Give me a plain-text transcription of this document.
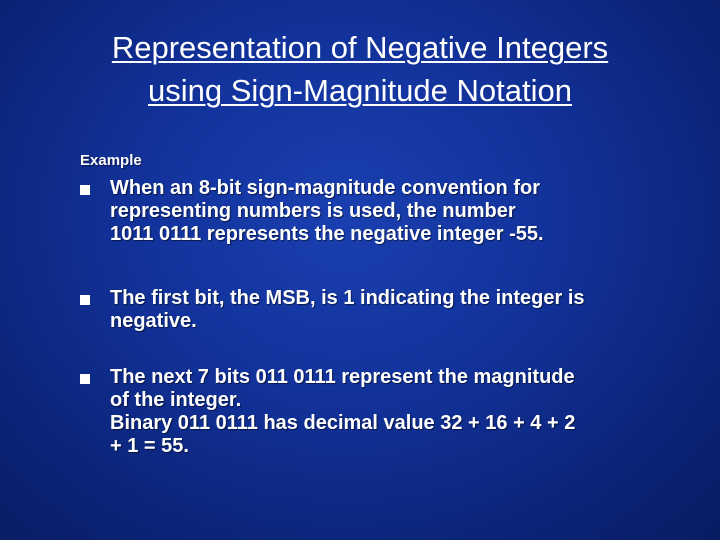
Representation of Negative Integers
using Sign-Magnitude Notation
Example
When an 8-bit sign-magnitude convention for
representing numbers is used, the number
1011 0111 represents the negative integer -55.
The first bit, the MSB, is 1 indicating the integer is
negative.
The next 7 bits 011 0111 represent the magnitude
of the integer.
Binary 011 0111 has decimal value 32 + 16 + 4 + 2
+ 1 = 55.
